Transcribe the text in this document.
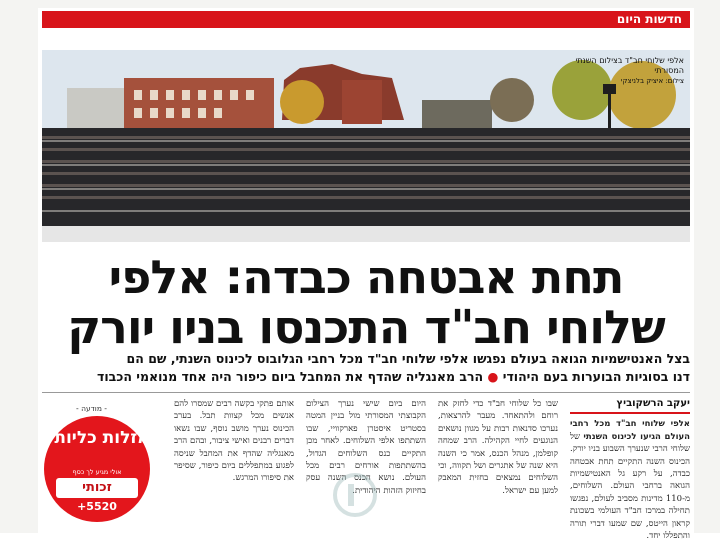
חדשות היום
אלפי שלוחי חב"ד בצילום השנתי המסורתי
צילום: איציק בלניצקי
תחת אבטחה כבדה: אלפי
שלוחי חב"ד התכנסו בניו יורק
בצל האנטישמיות הגואה בעולם נפגשו אלפי שלוחי חב"ד מכל רחבי הגלובוס לכינוס השנתי, שם הם
דנו בסוגיות הבוערות בעם היהודי ● הרב מאנגליה שהדף את המחבל ביום כיפור היה אחד מנואמי הכבוד
יעקב הרשקוביץ
אלפי שלוחי חב"ד מכל רחבי העולם הגיעו לכינוס השנתי של שלוחי הרבי שנערך השבוע בניו יורק. הכינוס השנה התקיים תחת אבטחה כבדה, על רקע גל האנטישמיות הגואה ברחבי העולם. השלוחים, מ-110 מדינות מסביב לעולם, נפגשו תחילה במרכז חב"ד העולמי בשכונת קראון הייטס, שם שמעו דברי תורה והתפללו יחד.
שבו כל שלוחי חב"ד כדי לחזק את רוחם ולהתאחד. מעבר להרצאות, נערכו סדנאות רבות על מגוון נושאים הנוגעים לחיי הקהילה. הרב שמחה קופלמן, מנהל הכנס, אמר כי השנה היא שנה של אתגרים ושל תקווה, וכי השלוחים נמצאים בחזית המאבק למען עם ישראל.
היום ביום שישי נערך הצילום הקבוצתי המסורתי מול בניין המטה בסטריט איסטרן פארקוויי, שבו השתתפו אלפי השלוחים. לאחר מכן התקיים כנס השלוחים הגדול, בהשתתפות אורחים רבים מכל העולם. נושא הכנס השנה עסק בחיזוק הזהות היהודית.
אותם פתקי בקשה רבים שמסרו להם אנשים מכל קצוות תבל. בערב הכינוס נערך מושב נוסף, שבו נשאו דברים רבנים ואישי ציבור, ובהם הרב מאנגליה שהדף את המחבל שניסה לפגוע במתפללים ביום כיפור, שסיפר את סיפורו המרגש.
- מודעה -
מזלות כליות?
אולי מגיע לך כסף
זכותי
+5520
